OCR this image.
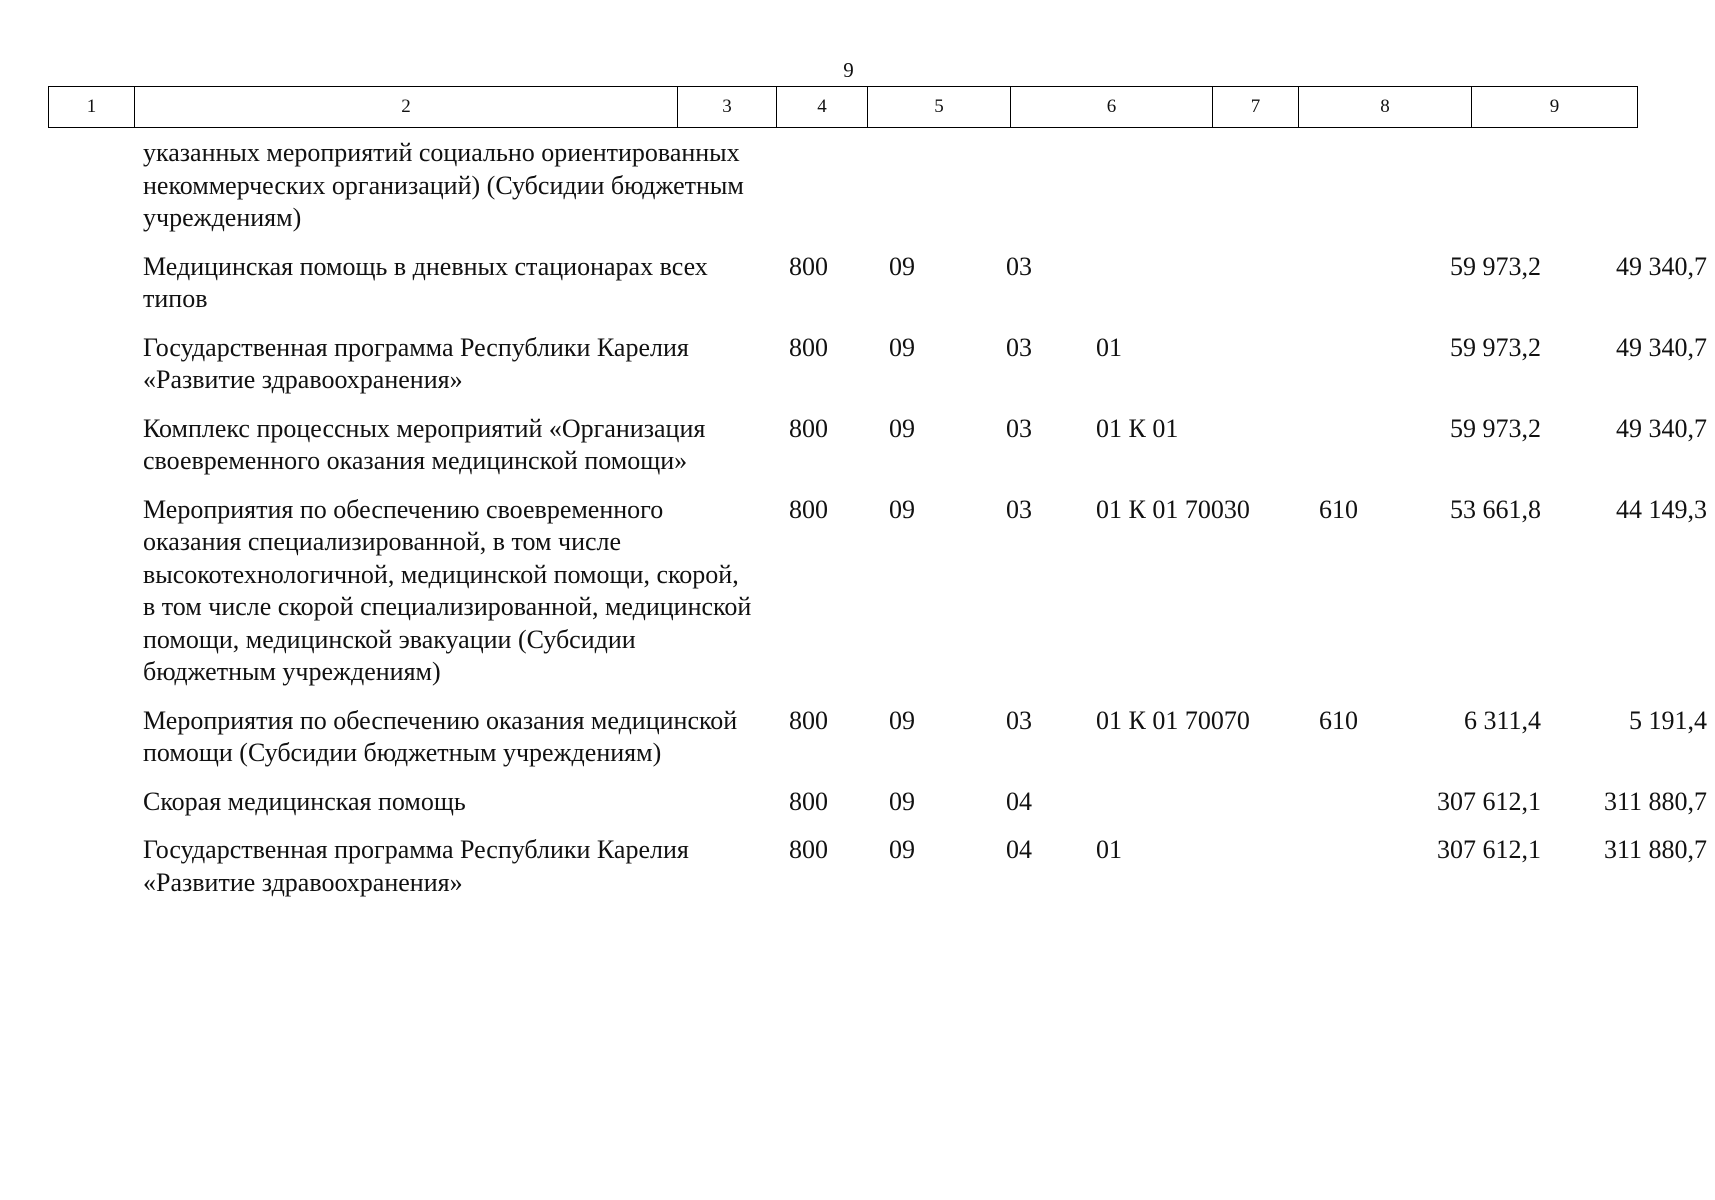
9
1	2	3	4	5	6	7	8	9
указанных мероприятий социально ориентированных некоммерческих организаций) (Субсидии бюджетным учреждениям)							
Медицинская помощь в дневных стационарах всех типов	800	09	03			59 973,2	49 340,7
Государственная программа Республики Карелия «Развитие здравоохранения»	800	09	03	01		59 973,2	49 340,7
Комплекс процессных мероприятий «Организация своевременного оказания медицинской помощи»	800	09	03	01 К 01		59 973,2	49 340,7
Мероприятия по обеспечению своевременного оказания специализированной, в том числе высокотехнологичной, медицинской помощи, скорой, в том числе скорой специализированной, медицинской помощи, медицинской эвакуации (Субсидии бюджетным учреждениям)	800	09	03	01 К 01 70030	610	53 661,8	44 149,3
Мероприятия по обеспечению оказания медицинской помощи (Субсидии бюджетным учреждениям)	800	09	03	01 К 01 70070	610	6 311,4	5 191,4
Скорая медицинская помощь	800	09	04			307 612,1	311 880,7
Государственная программа Республики Карелия «Развитие здравоохранения»	800	09	04	01		307 612,1	311 880,7
